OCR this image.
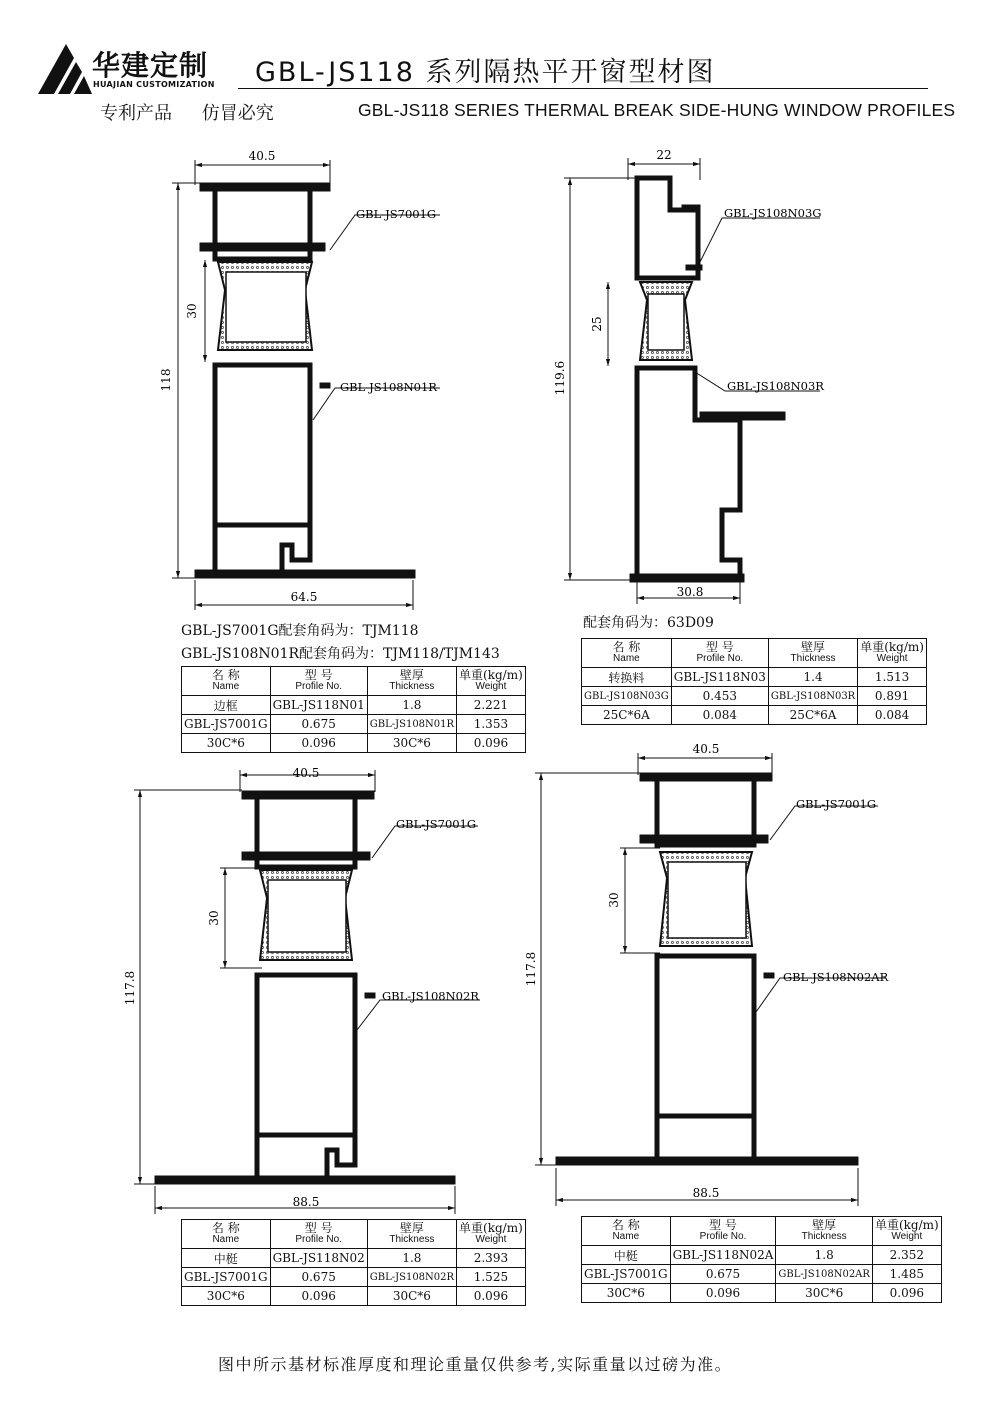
华建定制
HUAJIAN CUSTOMIZATION GBL-JS118 系列隔热平开窗型材图
专利产品 仿冒必究	GBL-JS118 SERIES THERMAL BREAK SIDE-HUNG WINDOW PROFILES
40.5
64.5
118
30
GBL-JS7001G
GBL-JS108N01R
22
30.8
119.6
25
GBL-JS108N03G
GBL-JS108N03R
40.5
88.5
117.8
30
GBL-JS7001G
GBL-JS108N02R
40.5
88.5
117.8
30
GBL-JS7001G
GBL-JS108N02AR
GBL-JS7001G配套角码为：TJM118
GBL-JS108N01R配套角码为：TJM118/TJM143
配套角码为：63D09
名 称
Name	型 号
Profile No.	壁厚
Thickness	单重(kg/m)
Weight

边框	GBL-JS118N01	1.8	2.221
GBL-JS7001G	0.675	GBL-JS108N01R	1.353
30C*6	0.096	30C*6	0.096
名 称
Name	型 号
Profile No.	壁厚
Thickness	单重(kg/m)
Weight

转换料	GBL-JS118N03	1.4	1.513
GBL-JS108N03G	0.453	GBL-JS108N03R	0.891
25C*6A	0.084	25C*6A	0.084
名 称
Name	型 号
Profile No.	壁厚
Thickness	单重(kg/m)
Weight

中梃	GBL-JS118N02	1.8	2.393
GBL-JS7001G	0.675	GBL-JS108N02R	1.525
30C*6	0.096	30C*6	0.096
名 称
Name	型 号
Profile No.	壁厚
Thickness	单重(kg/m)
Weight

中梃	GBL-JS118N02A	1.8	2.352
GBL-JS7001G	0.675	GBL-JS108N02AR	1.485
30C*6	0.096	30C*6	0.096
图中所示基材标准厚度和理论重量仅供参考,实际重量以过磅为准。
